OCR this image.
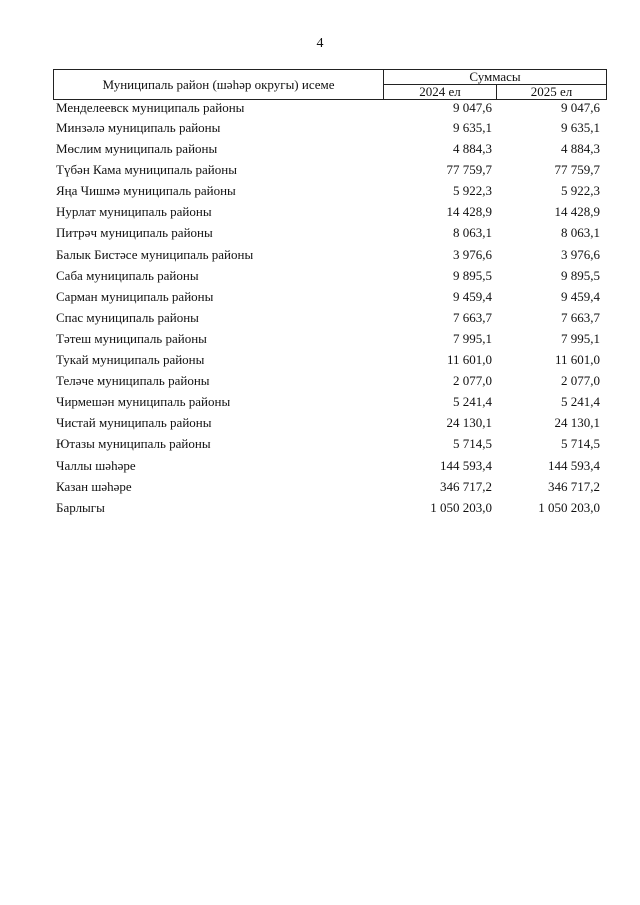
4
Муниципаль район (шәһәр округы) исеме	Суммасы	
	2024 ел	2025 ел
Менделеевск муниципаль районы	9 047,6	9 047,6
Минзәлә муниципаль районы	9 635,1	9 635,1
Мөслим муниципаль районы	4 884,3	4 884,3
Түбән Кама муниципаль районы	77 759,7	77 759,7
Яңа Чишмә муниципаль районы	5 922,3	5 922,3
Нурлат муниципаль районы	14 428,9	14 428,9
Питрәч муниципаль районы	8 063,1	8 063,1
Балык Бистәсе муниципаль районы	3 976,6	3 976,6
Саба муниципаль районы	9 895,5	9 895,5
Сарман муниципаль районы	9 459,4	9 459,4
Спас муниципаль районы	7 663,7	7 663,7
Тәтеш муниципаль районы	7 995,1	7 995,1
Тукай муниципаль районы	11 601,0	11 601,0
Теләче муниципаль районы	2 077,0	2 077,0
Чирмешән муниципаль районы	5 241,4	5 241,4
Чистай муниципаль районы	24 130,1	24 130,1
Ютазы муниципаль районы	5 714,5	5 714,5
Чаллы шәһәре	144 593,4	144 593,4
Казан шәһәре	346 717,2	346 717,2
Барлыгы	1 050 203,0	1 050 203,0
